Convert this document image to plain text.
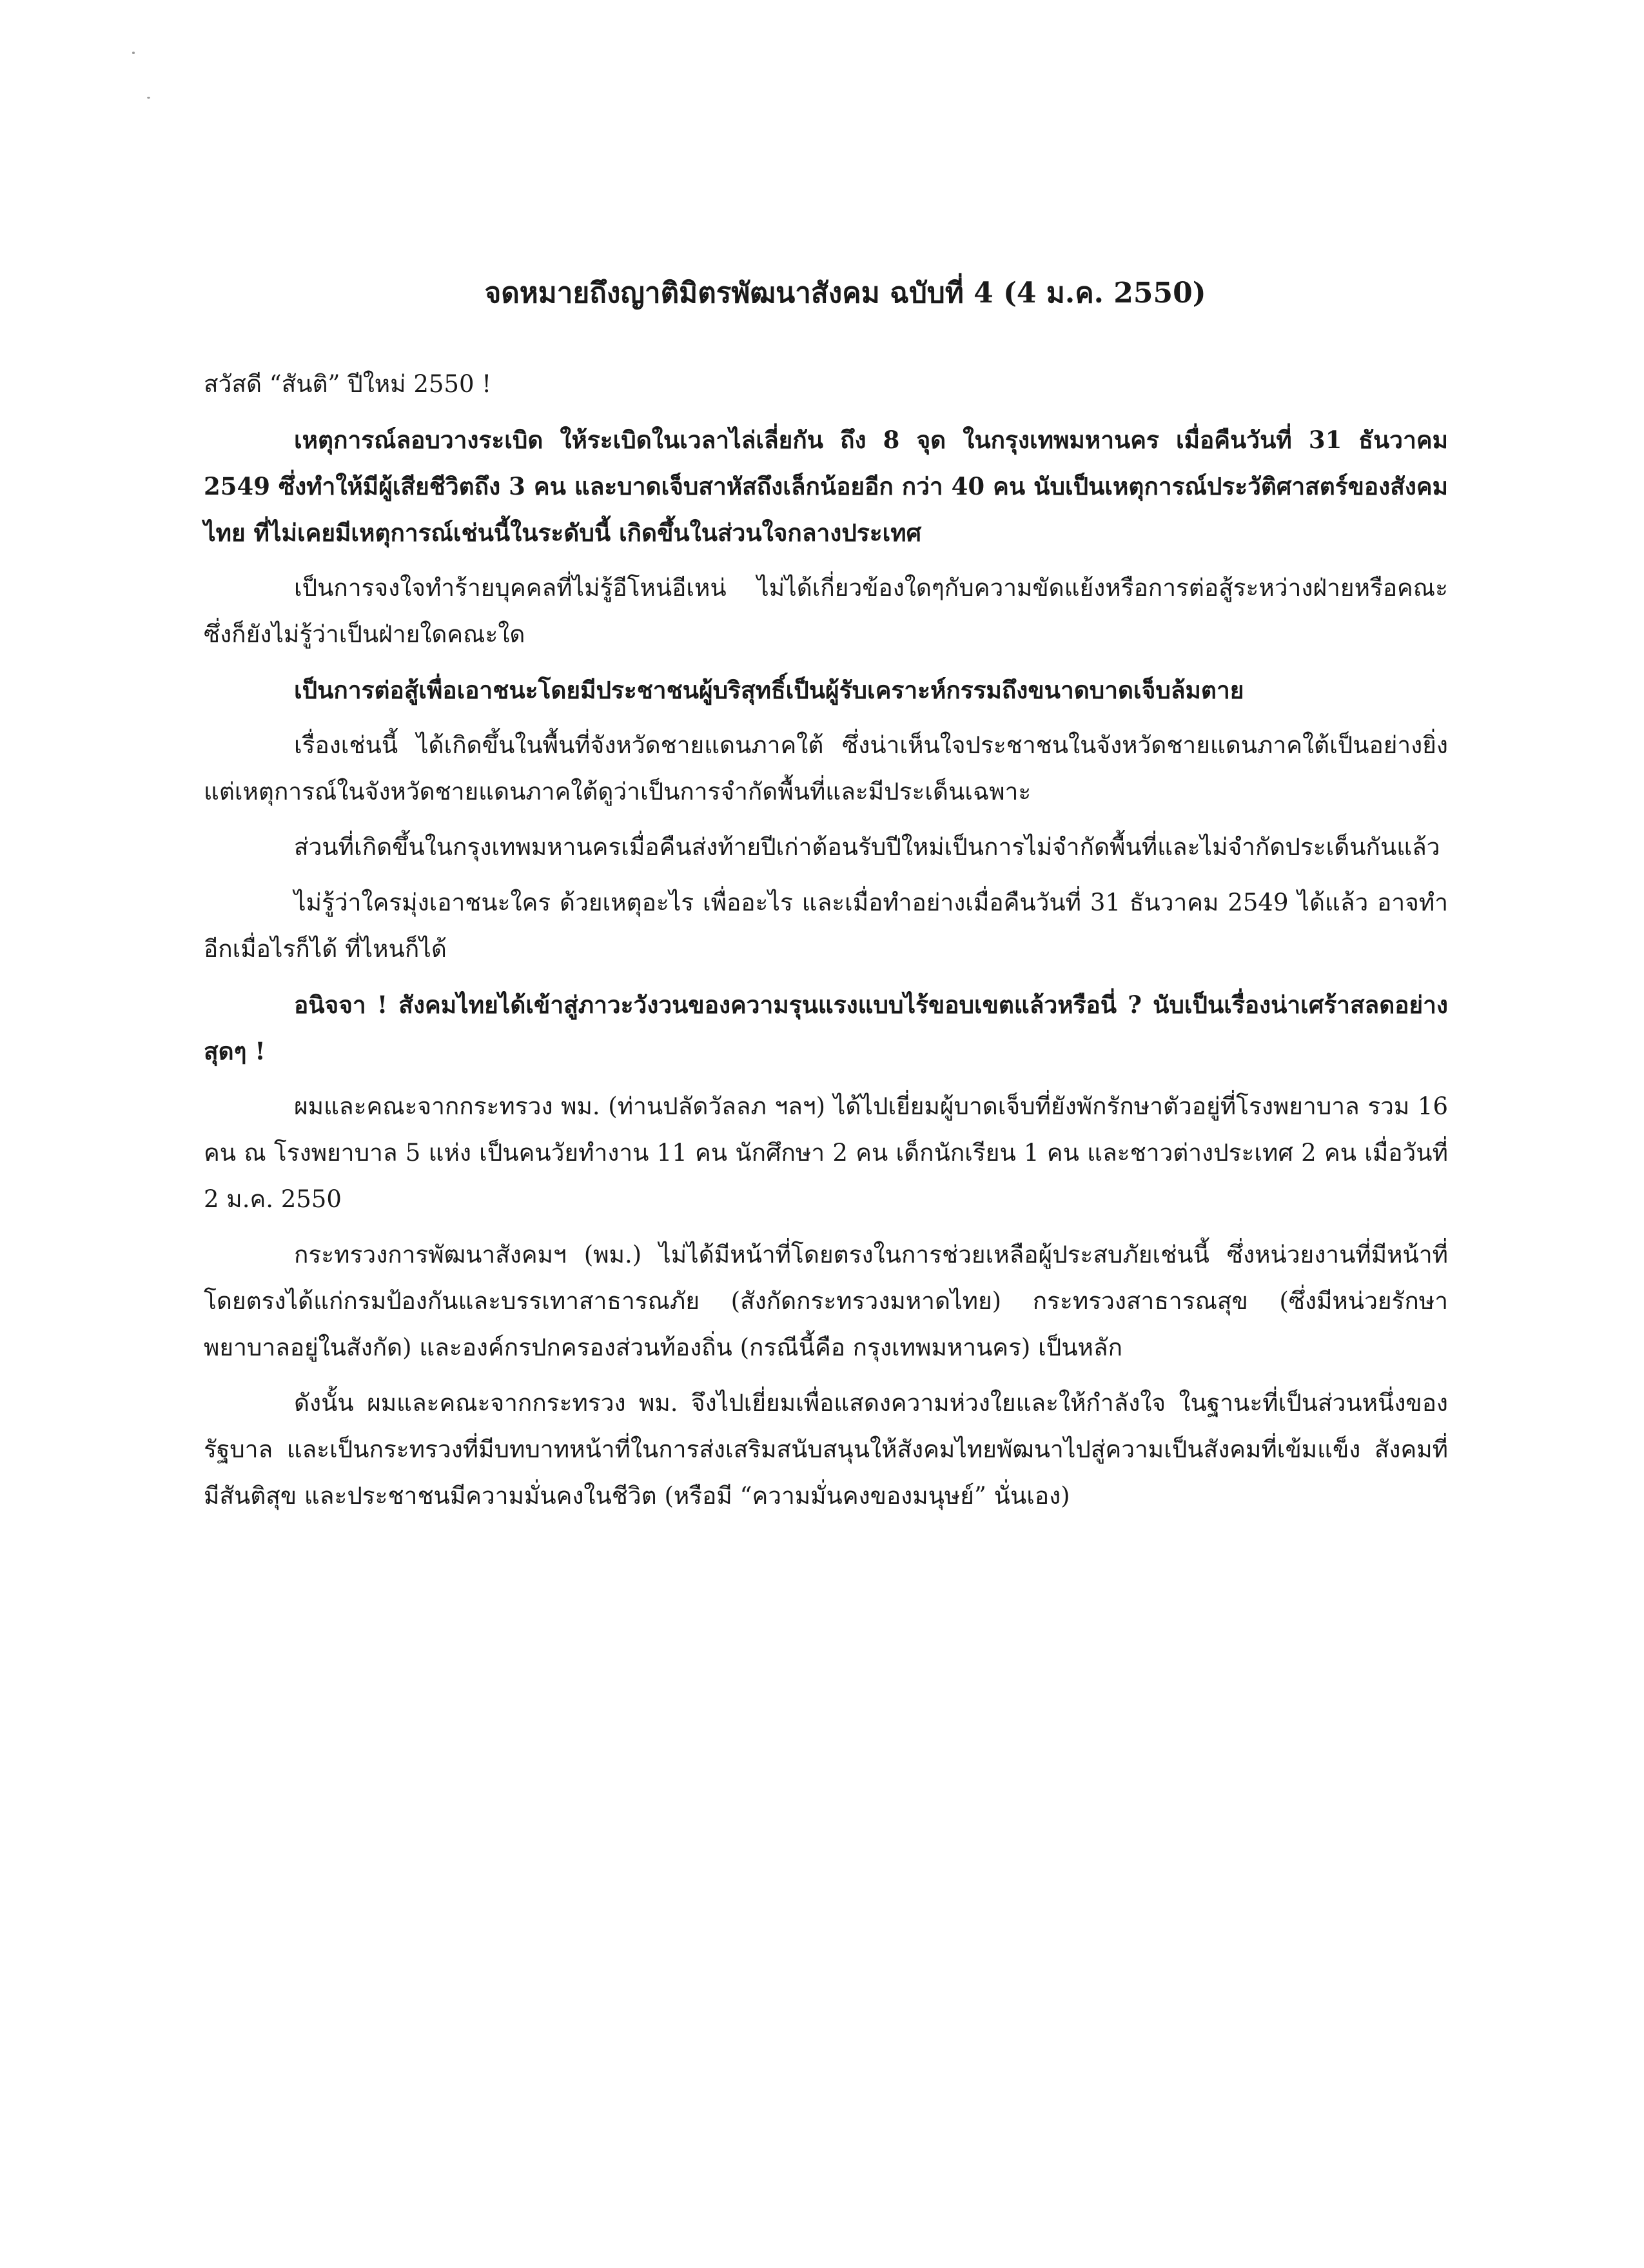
จดหมายถึงญาติมิตรพัฒนาสังคม ฉบับที่ 4 (4 ม.ค. 2550)

สวัสดี “สันติ” ปีใหม่ 2550 !

เหตุการณ์ลอบวางระเบิด ให้ระเบิดในเวลาไล่เลี่ยกัน ถึง 8 จุด ในกรุงเทพมหานคร เมื่อคืนวันที่ 31 ธันวาคม 2549 ซึ่งทำให้มีผู้เสียชีวิตถึง 3 คน และบาดเจ็บสาหัสถึงเล็กน้อยอีก กว่า 40 คน นับเป็นเหตุการณ์ประวัติศาสตร์ของสังคมไทย ที่ไม่เคยมีเหตุการณ์เช่นนี้ในระดับนี้ เกิดขึ้นในส่วนใจกลางประเทศ

เป็นการจงใจทำร้ายบุคคลที่ไม่รู้อีโหน่อีเหน่ ไม่ได้เกี่ยวข้องใดๆกับความขัดแย้งหรือการต่อสู้ระหว่างฝ่ายหรือคณะซึ่งก็ยังไม่รู้ว่าเป็นฝ่ายใดคณะใด

เป็นการต่อสู้เพื่อเอาชนะโดยมีประชาชนผู้บริสุทธิ์เป็นผู้รับเคราะห์กรรมถึงขนาดบาดเจ็บล้มตาย

เรื่องเช่นนี้ ได้เกิดขึ้นในพื้นที่จังหวัดชายแดนภาคใต้ ซึ่งน่าเห็นใจประชาชนในจังหวัดชายแดนภาคใต้เป็นอย่างยิ่ง แต่เหตุการณ์ในจังหวัดชายแดนภาคใต้ดูว่าเป็นการจำกัดพื้นที่และมีประเด็นเฉพาะ

ส่วนที่เกิดขึ้นในกรุงเทพมหานครเมื่อคืนส่งท้ายปีเก่าต้อนรับปีใหม่เป็นการไม่จำกัดพื้นที่และไม่จำกัดประเด็นกันแล้ว

ไม่รู้ว่าใครมุ่งเอาชนะใคร ด้วยเหตุอะไร เพื่ออะไร และเมื่อทำอย่างเมื่อคืนวันที่ 31 ธันวาคม 2549 ได้แล้ว อาจทำอีกเมื่อไรก็ได้ ที่ไหนก็ได้

อนิจจา ! สังคมไทยได้เข้าสู่ภาวะวังวนของความรุนแรงแบบไร้ขอบเขตแล้วหรือนี่ ? นับเป็นเรื่องน่าเศร้าสลดอย่างสุดๆ !

ผมและคณะจากกระทรวง พม. (ท่านปลัดวัลลภ ฯลฯ) ได้ไปเยี่ยมผู้บาดเจ็บที่ยังพักรักษาตัวอยู่ที่โรงพยาบาล รวม 16 คน ณ โรงพยาบาล 5 แห่ง เป็นคนวัยทำงาน 11 คน นักศึกษา 2 คน เด็กนักเรียน 1 คน และชาวต่างประเทศ 2 คน เมื่อวันที่ 2 ม.ค. 2550

กระทรวงการพัฒนาสังคมฯ (พม.) ไม่ได้มีหน้าที่โดยตรงในการช่วยเหลือผู้ประสบภัยเช่นนี้ ซึ่งหน่วยงานที่มีหน้าที่โดยตรงได้แก่กรมป้องกันและบรรเทาสาธารณภัย (สังกัดกระทรวงมหาดไทย) กระทรวงสาธารณสุข (ซึ่งมีหน่วยรักษาพยาบาลอยู่ในสังกัด) และองค์กรปกครองส่วนท้องถิ่น (กรณีนี้คือ กรุงเทพมหานคร) เป็นหลัก

ดังนั้น ผมและคณะจากกระทรวง พม. จึงไปเยี่ยมเพื่อแสดงความห่วงใยและให้กำลังใจ ในฐานะที่เป็นส่วนหนึ่งของรัฐบาล และเป็นกระทรวงที่มีบทบาทหน้าที่ในการส่งเสริมสนับสนุนให้สังคมไทยพัฒนาไปสู่ความเป็นสังคมที่เข้มแข็ง สังคมที่มีสันติสุข และประชาชนมีความมั่นคงในชีวิต (หรือมี “ความมั่นคงของมนุษย์” นั่นเอง)
